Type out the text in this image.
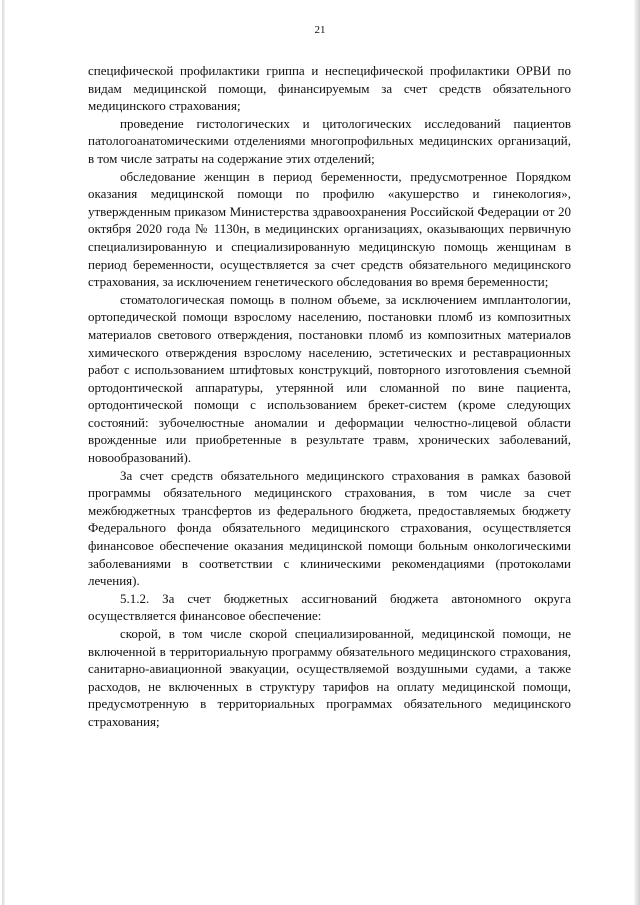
21

специфической профилактики гриппа и неспецифической профилактики ОРВИ по видам медицинской помощи, финансируемым за счет средств обязательного медицинского страхования;

проведение гистологических и цитологических исследований пациентов патологоанатомическими отделениями многопрофильных медицинских организаций, в том числе затраты на содержание этих отделений;

обследование женщин в период беременности, предусмотренное Порядком оказания медицинской помощи по профилю «акушерство и гинекология», утвержденным приказом Министерства здравоохранения Российской Федерации от 20 октября 2020 года № 1130н, в медицинских организациях, оказывающих первичную специализированную и специализированную медицинскую помощь женщинам в период беременности, осуществляется за счет средств обязательного медицинского страхования, за исключением генетического обследования во время беременности;

стоматологическая помощь в полном объеме, за исключением имплантологии, ортопедической помощи взрослому населению, постановки пломб из композитных материалов светового отверждения, постановки пломб из композитных материалов химического отверждения взрослому населению, эстетических и реставрационных работ с использованием штифтовых конструкций, повторного изготовления съемной ортодонтической аппаратуры, утерянной или сломанной по вине пациента, ортодонтической помощи с использованием брекет-систем (кроме следующих состояний: зубочелюстные аномалии и деформации челюстно-лицевой области врожденные или приобретенные в результате травм, хронических заболеваний, новообразований).

За счет средств обязательного медицинского страхования в рамках базовой программы обязательного медицинского страхования, в том числе за счет межбюджетных трансфертов из федерального бюджета, предоставляемых бюджету Федерального фонда обязательного медицинского страхования, осуществляется финансовое обеспечение оказания медицинской помощи больным онкологическими заболеваниями в соответствии с клиническими рекомендациями (протоколами лечения).

5.1.2. За счет бюджетных ассигнований бюджета автономного округа осуществляется финансовое обеспечение:

скорой, в том числе скорой специализированной, медицинской помощи, не включенной в территориальную программу обязательного медицинского страхования, санитарно-авиационной эвакуации, осуществляемой воздушными судами, а также расходов, не включенных в структуру тарифов на оплату медицинской помощи, предусмотренную в территориальных программах обязательного медицинского страхования;
